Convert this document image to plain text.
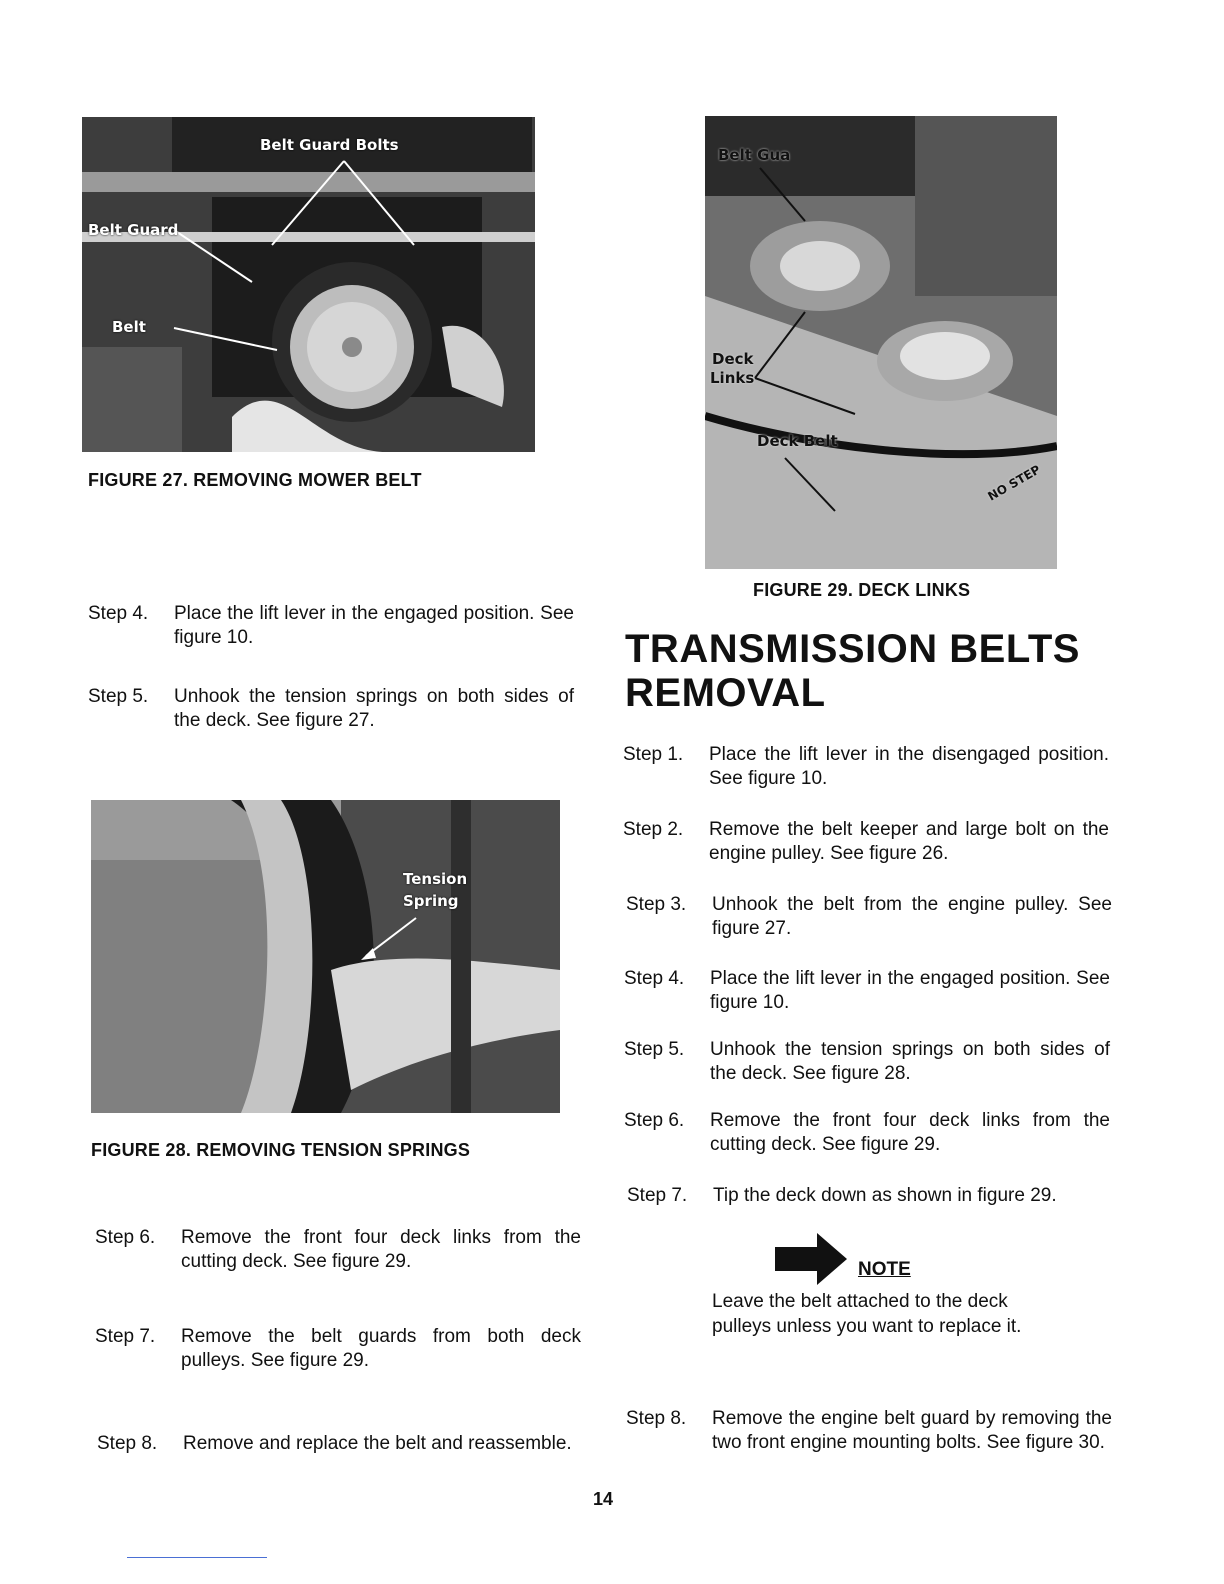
Belt Guard Bolts
Belt Guard
Belt
FIGURE 27. REMOVING MOWER BELT
Belt Gua
Deck
Links
Deck Belt
NO STEP
FIGURE 29. DECK LINKS
Step 4. Place the lift lever in the engaged position. See figure 10.
Step 5. Unhook the tension springs on both sides of the deck. See figure 27.
TRANSMISSION BELTS
REMOVAL
Tension
Spring
FIGURE 28. REMOVING TENSION SPRINGS
Step 1. Place the lift lever in the disengaged position. See figure 10.
Step 2. Remove the belt keeper and large bolt on the engine pulley. See figure 26.
Step 3. Unhook the belt from the engine pulley. See figure 27.
Step 4. Place the lift lever in the engaged position. See figure 10.
Step 5. Unhook the tension springs on both sides of the deck. See figure 28.
Step 6. Remove the front four deck links from the cutting deck. See figure 29.
Step 7. Tip the deck down as shown in figure 29.
NOTE
Leave the belt attached to the deck pulleys unless you want to replace it.
Step 8. Remove the engine belt guard by removing the two front engine mounting bolts. See figure 30.
Step 6. Remove the front four deck links from the cutting deck. See figure 29.
Step 7. Remove the belt guards from both deck pulleys. See figure 29.
Step 8. Remove and replace the belt and reassemble.
14
